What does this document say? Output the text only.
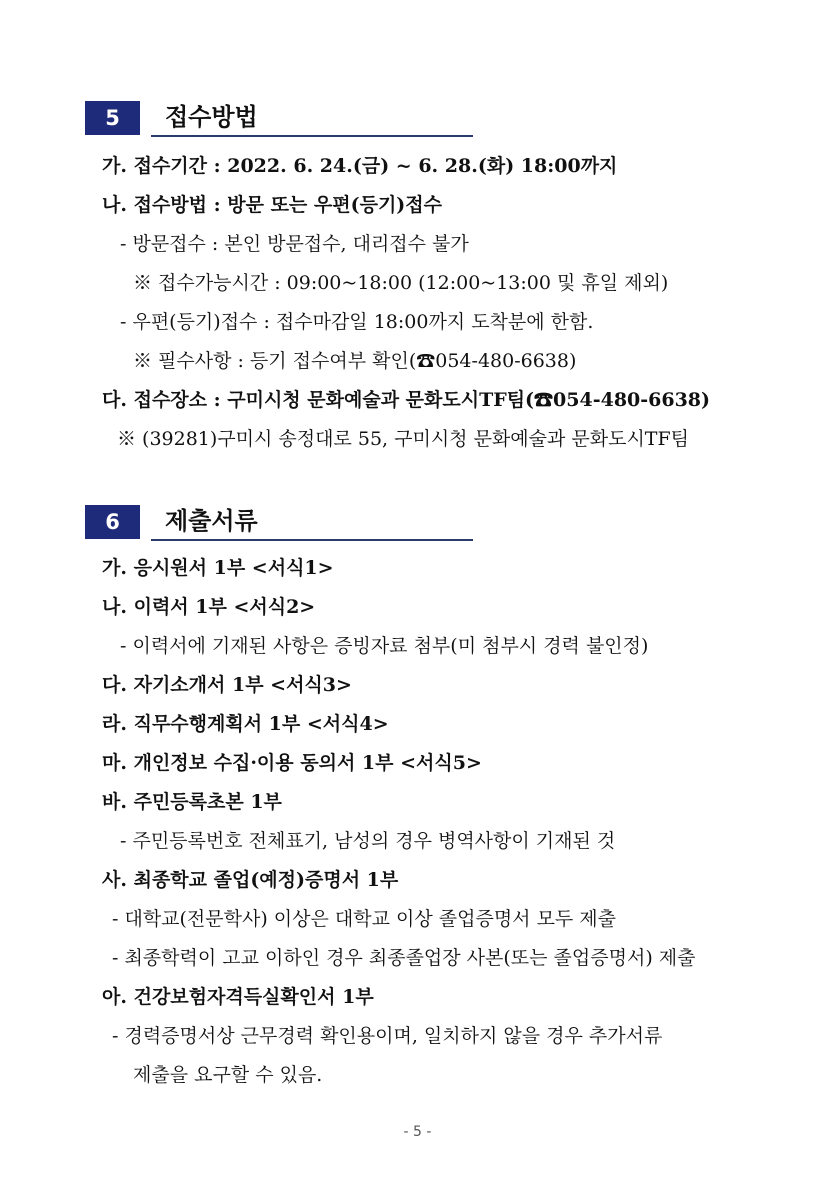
5	접수방법
가. 접수기간 : 2022. 6. 24.(금) ~ 6. 28.(화) 18:00까지
나. 접수방법 : 방문 또는 우편(등기)접수
- 방문접수 : 본인 방문접수, 대리접수 불가
※ 접수가능시간 : 09:00~18:00 (12:00~13:00 및 휴일 제외)
- 우편(등기)접수 : 접수마감일 18:00까지 도착분에 한함.
※ 필수사항 : 등기 접수여부 확인(☎054-480-6638)
다. 접수장소 : 구미시청 문화예술과 문화도시TF팀(☎054-480-6638)
※ (39281)구미시 송정대로 55, 구미시청 문화예술과 문화도시TF팀
6	제출서류
가. 응시원서 1부 <서식1>
나. 이력서 1부 <서식2>
- 이력서에 기재된 사항은 증빙자료 첨부(미 첨부시 경력 불인정)
다. 자기소개서 1부 <서식3>
라. 직무수행계획서 1부 <서식4>
마. 개인정보 수집·이용 동의서 1부 <서식5>
바. 주민등록초본 1부
- 주민등록번호 전체표기, 남성의 경우 병역사항이 기재된 것
사. 최종학교 졸업(예정)증명서 1부
- 대학교(전문학사) 이상은 대학교 이상 졸업증명서 모두 제출
- 최종학력이 고교 이하인 경우 최종졸업장 사본(또는 졸업증명서) 제출
아. 건강보험자격득실확인서 1부
- 경력증명서상 근무경력 확인용이며, 일치하지 않을 경우 추가서류
제출을 요구할 수 있음.
- 5 -
